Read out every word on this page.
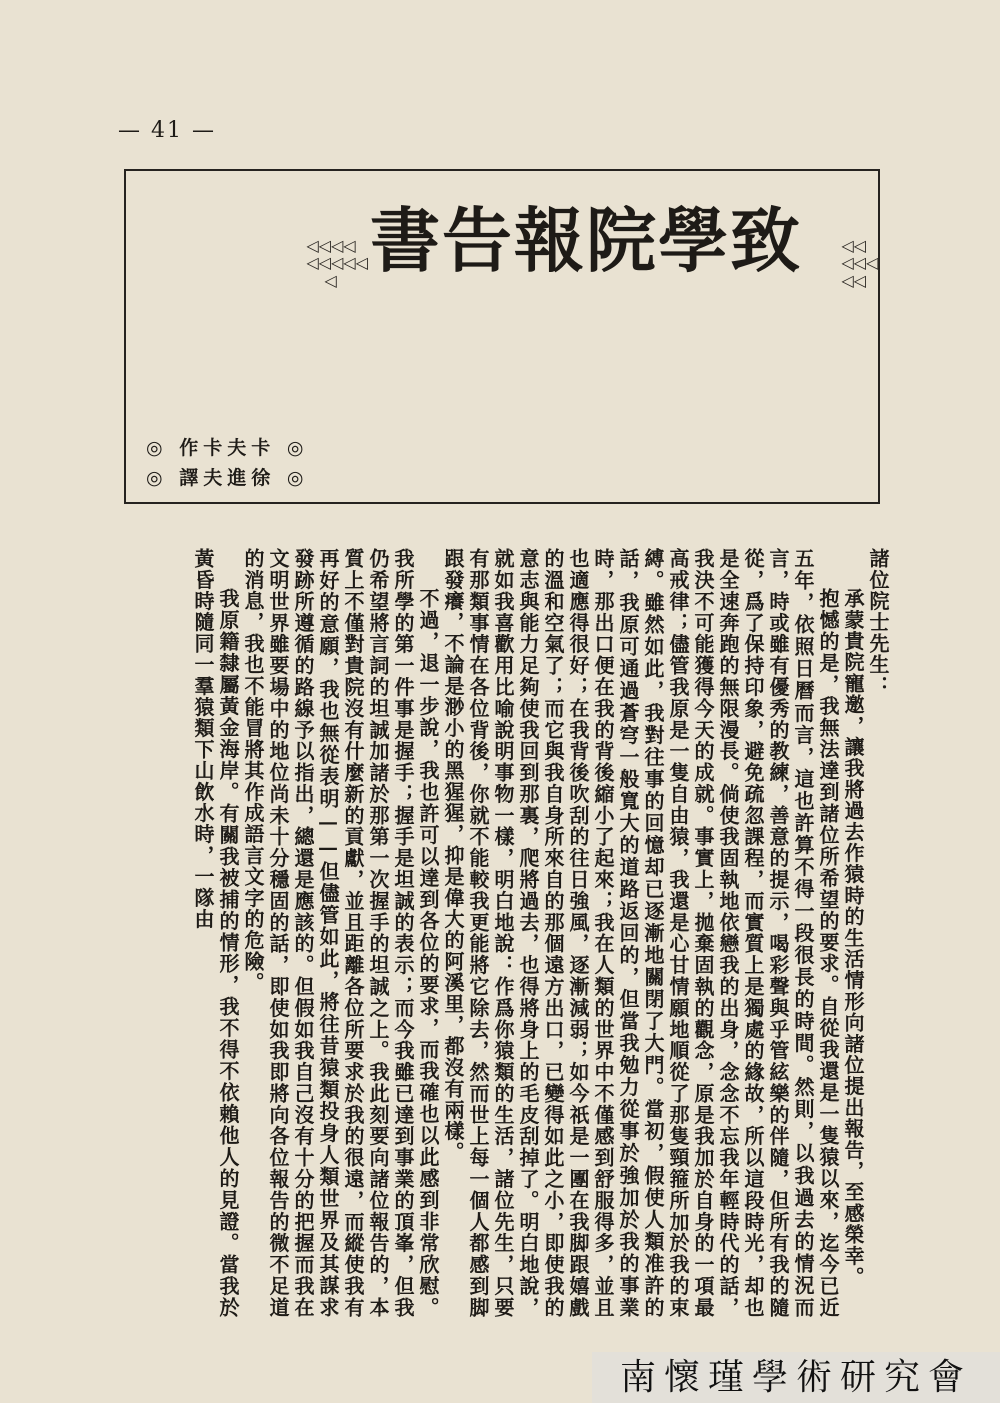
— 41 —

◁◁◁◁

◁◁◁◁◁

◁
致學院報告書	◁◁

◁◁◁

◁◁

◎ 卡夫卡作 ◎
◎ 徐進夫譯 ◎

諸位院士先生：

承蒙貴院寵邀，讓我將過去作猿時的生活情形向諸位提出報告，至感榮幸。

抱憾的是，我無法達到諸位所希望的要求。自從我還是一隻猿以來，迄今已近五年，依照日曆而言，這也許算不得一段很長的時間。然則，以我過去的情況而言，時或雖有優秀的教練，善意的提示，喝彩聲與乎管絃樂的伴隨，但所有我的隨從，爲了保持印象，避免疏忽課程，而實質上是獨處的緣故，所以這段時光，却也是全速奔跑的無限漫長。倘使我固執地依戀我的出身，念念不忘我年輕時代的話，我決不可能獲得今天的成就。事實上，拋棄固執的觀念，原是我加於自身的一項最高戒律；儘管我原是一隻自由猿，我還是心甘情願地順從了那隻頸箍所加於我的束縛。雖然如此，我對往事的回憶却已逐漸地關閉了大門。當初，假使人類准許的話，我原可通過蒼穹一般寬大的道路返回的，但當我勉力從事於強加於我的事業時，那出口便在我的背後縮小了起來；我在人類的世界中不僅感到舒服得多，並且也適應得很好；在我背後吹刮的往日強風，逐漸減弱；如今祇是一團在我脚跟嬉戲的溫和空氣了；而它與我自身所來自的那個遠方出口，已變得如此之小，即使我的意志與能力足夠使我回到那裏，爬將過去，也得將身上的毛皮刮掉了。明白地說，就如我喜歡用比喻說明事物一樣，明白地說：作爲你猿類的生活，諸位先生，只要有那類事情在各位背後，你就不能較我更能將它除去，然而世上每一個人都感到脚跟發癢，不論是渺小的黑猩猩，抑是偉大的阿溪里，都沒有兩樣。

不過，退一步說，我也許可以達到各位的要求，而我確也以此感到非常欣慰。我所學的第一件事是握手；握手是坦誠的表示；而今我雖已達到事業的頂峯，但我仍希望將言詞的坦誠加諸於那第一次握手的坦誠之上。我此刻要向諸位報告的，本質上不僅對貴院沒有什麼新的貢獻，並且距離各位所要求於我的很遠，而縱使我有再好的意願，我也無從表明——但儘管如此，將往昔猿類投身人類世界及其謀求發跡所遵循的路線予以指出，總還是應該的。但假如我自己沒有十分的把握而我在文明世界雖要場中的地位尚未十分穩固的話，即使如我即將向各位報告的微不足道的消息，我也不能冒將其作成語言文字的危險。

我原籍隸屬黃金海岸。有關我被捕的情形，我不得不依賴他人的見證。當我於黃昏時隨同一羣猿類下山飲水時，一隊由

南懷瑾學術研究會
